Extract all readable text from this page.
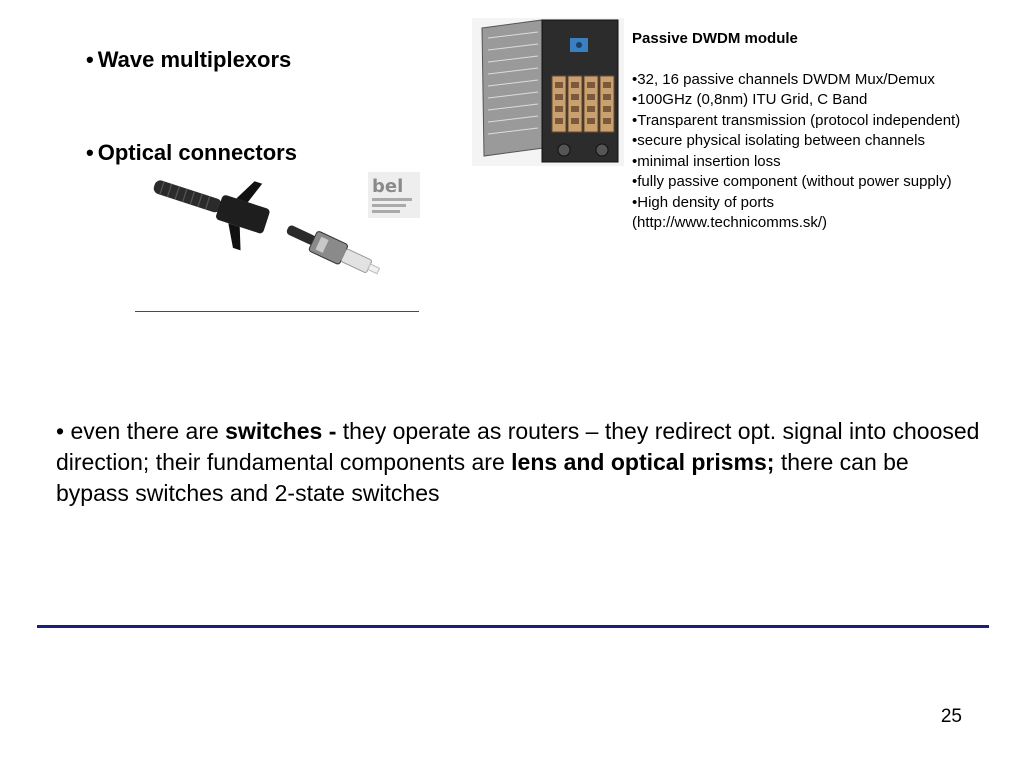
• Wave multiplexors
• Optical connectors
Passive DWDM module
• 32, 16 passive channels DWDM Mux/Demux
• 100GHz (0,8nm) ITU Grid, C Band
• Transparent transmission (protocol independent)
• secure physical isolating between channels
• minimal insertion loss
• fully passive component (without power supply)
• High density of ports
(http://www.technicomms.sk/)
bel
• even there are switches - they operate as routers – they redirect opt. signal into choosed direction; their fundamental components are lens and optical prisms; there can be bypass switches and 2-state switches
25
